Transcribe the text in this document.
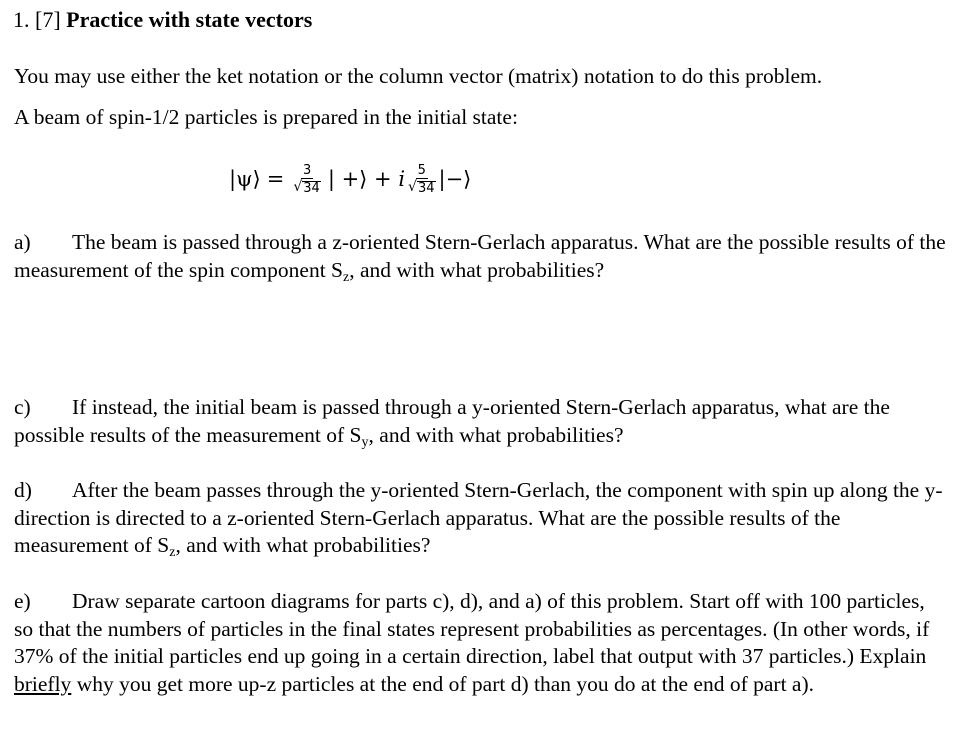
1. [7] Practice with state vectors
You may use either the ket notation or the column vector (matrix) notation to do this problem.
A beam of spin-1/2 particles is prepared in the initial state:
|ψ⟩ = $\frac{3}{√ 34}$ | +⟩ + i $\frac{5}{√ 34}$ |−⟩
a) The beam is passed through a z-oriented Stern-Gerlach apparatus. What are the possible results of the measurement of the spin component $S_z$, and with what probabilities?
c) If instead, the initial beam is passed through a y-oriented Stern-Gerlach apparatus, what are the possible results of the measurement of $S_y$, and with what probabilities?
d) After the beam passes through the y-oriented Stern-Gerlach, the component with spin up along the y-direction is directed to a z-oriented Stern-Gerlach apparatus. What are the possible results of the measurement of $S_z$, and with what probabilities?
e) Draw separate cartoon diagrams for parts c), d), and a) of this problem. Start off with 100 particles, so that the numbers of particles in the final states represent probabilities as percentages. (In other words, if 37% of the initial particles end up going in a certain direction, label that output with 37 particles.) Explain briefly why you get more up-z particles at the end of part d) than you do at the end of part a).
